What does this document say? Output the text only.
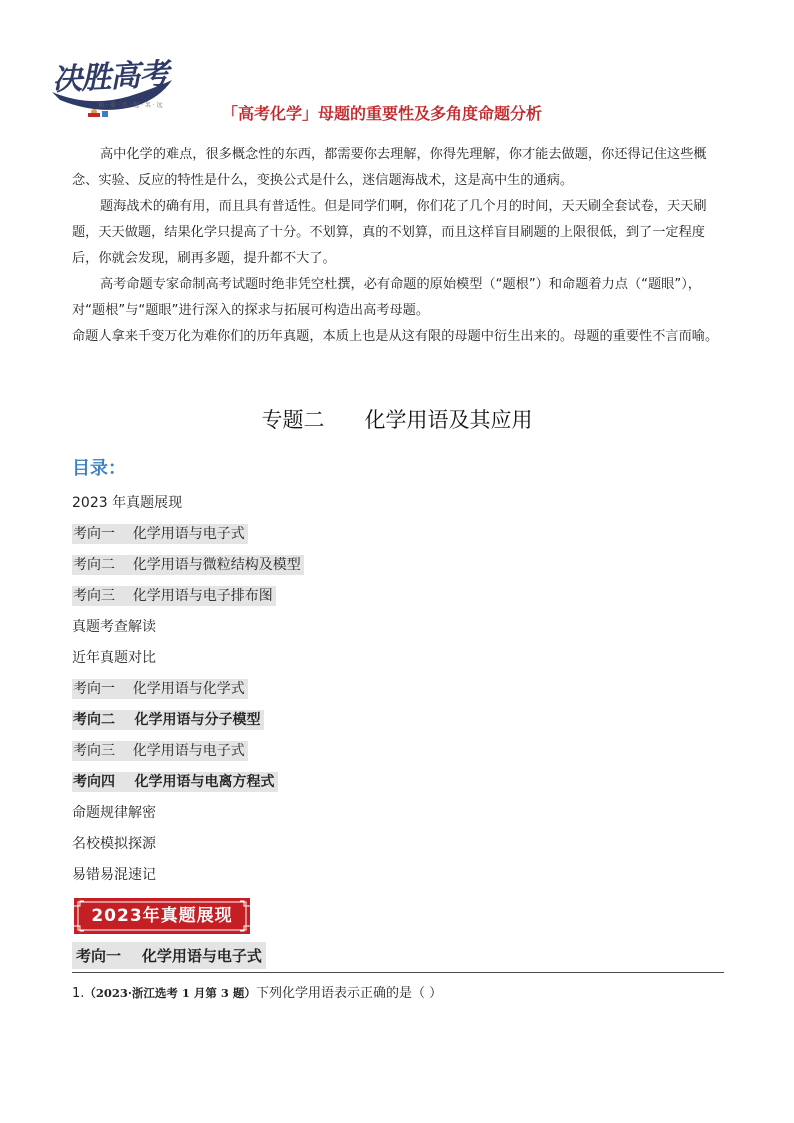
决胜高考
知 · 重 · 力 · 起 · 名 · 远	「高考化学」母题的重要性及多角度命题分析

高中化学的难点，很多概念性的东西，都需要你去理解，你得先理解，你才能去做题，你还得记住这些概念、实验、反应的特性是什么，变换公式是什么，迷信题海战术，这是高中生的通病。

题海战术的确有用，而且具有普适性。但是同学们啊，你们花了几个月的时间，天天刷全套试卷，天天刷题，天天做题，结果化学只提高了十分。不划算，真的不划算，而且这样盲目刷题的上限很低，到了一定程度后，你就会发现，刷再多题，提升都不大了。

高考命题专家命制高考试题时绝非凭空杜撰，必有命题的原始模型（“题根”）和命题着力点（“题眼”），对“题根”与“题眼”进行深入的探求与拓展可构造出高考母题。

命题人拿来千变万化为难你们的历年真题，本质上也是从这有限的母题中衍生出来的。母题的重要性不言而喻。

专题二      化学用语及其应用
目录：
2023 年真题展现
考向一    化学用语与电子式
考向二    化学用语与微粒结构及模型
考向三    化学用语与电子排布图
真题考查解读
近年真题对比
考向一    化学用语与化学式
考向二    化学用语与分子模型
考向三    化学用语与电子式
考向四    化学用语与电离方程式
命题规律解密
名校模拟探源
易错易混速记
2023年真题展现
考向一    化学用语与电子式
1.（2023·浙江选考 1 月第 3 题）下列化学用语表示正确的是（ ）
